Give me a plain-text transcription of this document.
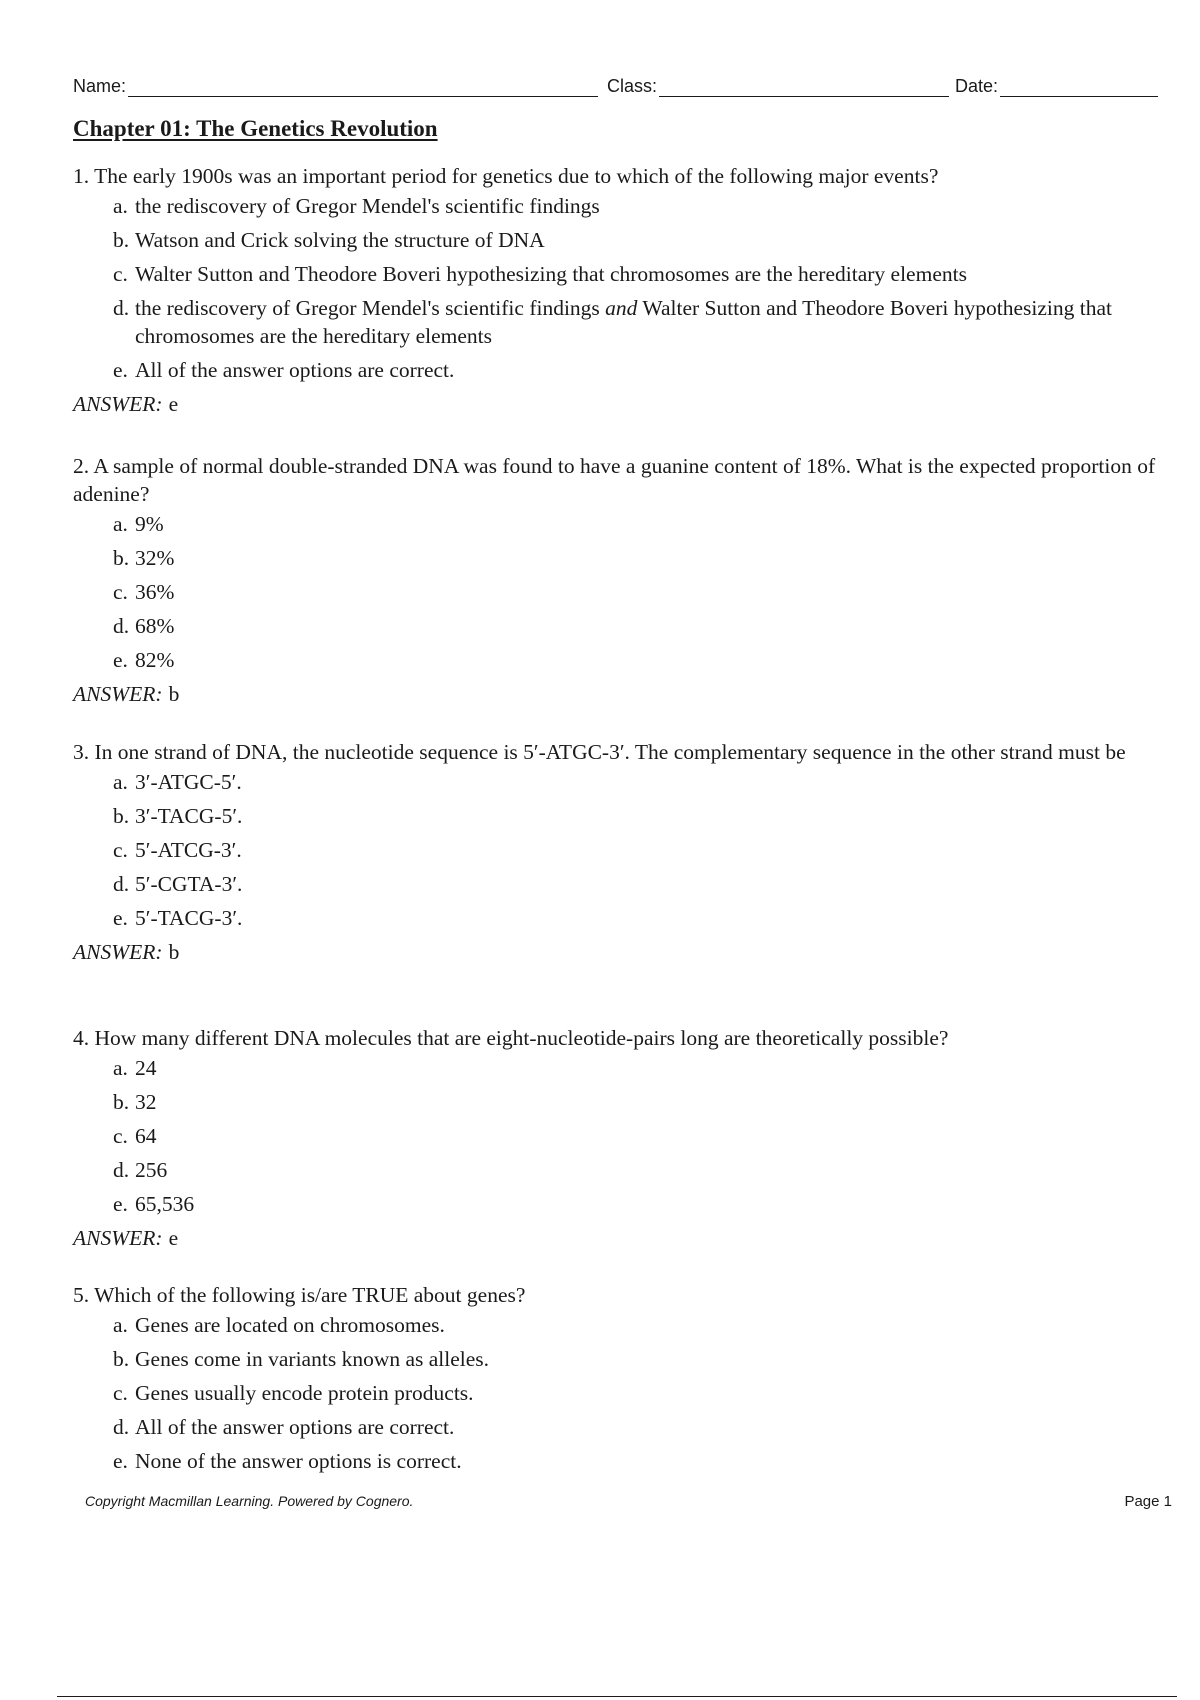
Name:	Class:	Date:
Chapter 01: The Genetics Revolution

1. The early 1900s was an important period for genetics due to which of the following major events?

a. the rediscovery of Gregor Mendel's scientific findings
b. Watson and Crick solving the structure of DNA
c. Walter Sutton and Theodore Boveri hypothesizing that chromosomes are the hereditary elements
d. the rediscovery of Gregor Mendel's scientific findings and Walter Sutton and Theodore Boveri hypothesizing that chromosomes are the hereditary elements
e. All of the answer options are correct.
ANSWER: e

2. A sample of normal double-stranded DNA was found to have a guanine content of 18%. What is the expected proportion of adenine?

a. 9%
b. 32%
c. 36%
d. 68%
e. 82%
ANSWER: b

3. In one strand of DNA, the nucleotide sequence is 5′-ATGC-3′. The complementary sequence in the other strand must be

a. 3′-ATGC-5′.
b. 3′-TACG-5′.
c. 5′-ATCG-3′.
d. 5′-CGTA-3′.
e. 5′-TACG-3′.
ANSWER: b

4. How many different DNA molecules that are eight-nucleotide-pairs long are theoretically possible?

a. 24
b. 32
c. 64
d. 256
e. 65,536
ANSWER: e

5. Which of the following is/are TRUE about genes?

a. Genes are located on chromosomes.
b. Genes come in variants known as alleles.
c. Genes usually encode protein products.
d. All of the answer options are correct.
e. None of the answer options is correct.
Copyright Macmillan Learning. Powered by Cognero.	Page 1
